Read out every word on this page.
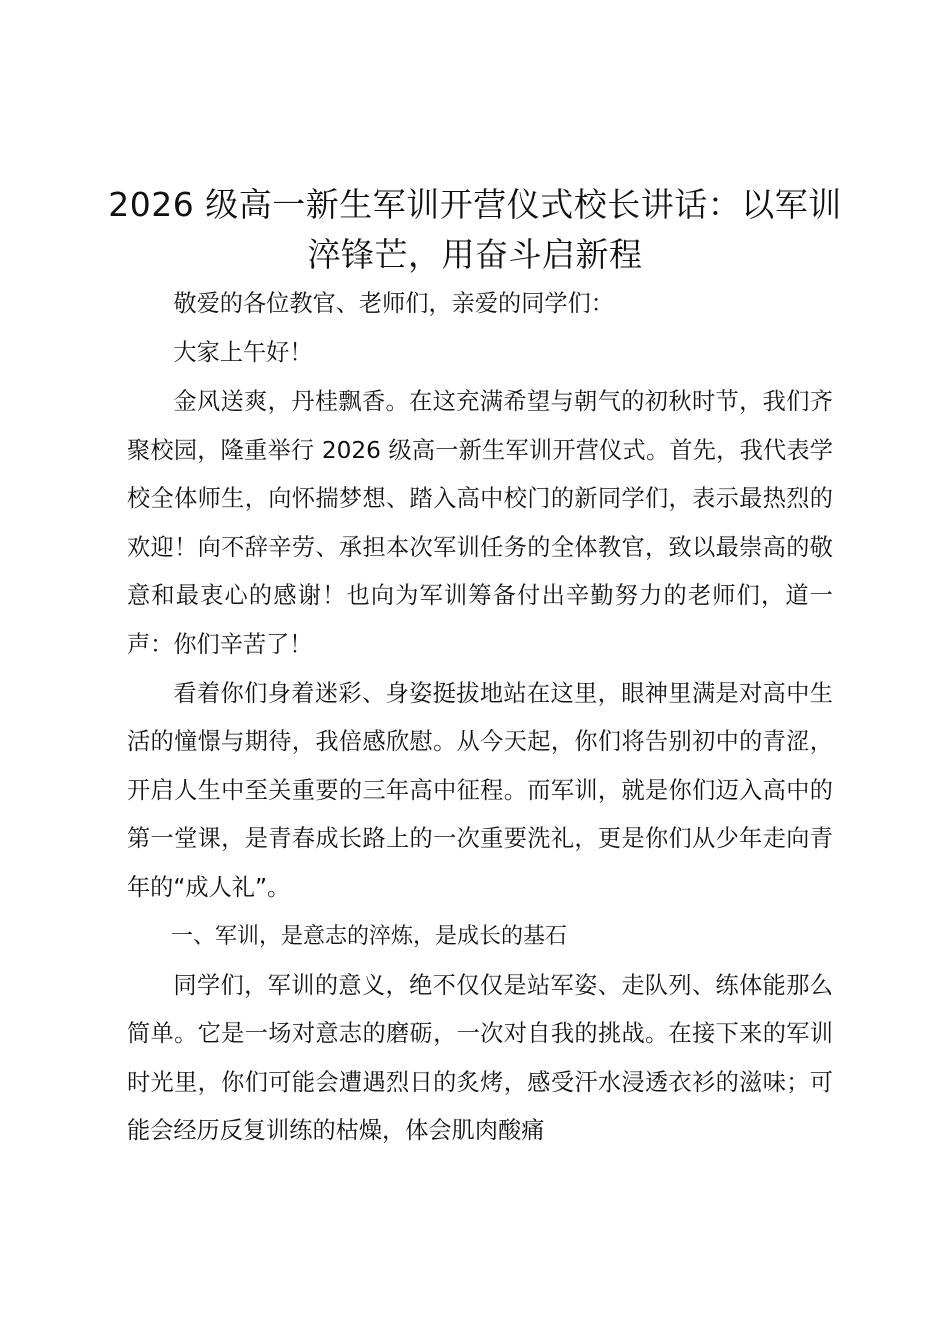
2026 级高一新生军训开营仪式校长讲话：以军训淬锋芒，用奋斗启新程

敬爱的各位教官、老师们，亲爱的同学们：

大家上午好！

金风送爽，丹桂飘香。在这充满希望与朝气的初秋时节，我们齐聚校园，隆重举行 2026 级高一新生军训开营仪式。首先，我代表学校全体师生，向怀揣梦想、踏入高中校门的新同学们，表示最热烈的欢迎！向不辞辛劳、承担本次军训任务的全体教官，致以最崇高的敬意和最衷心的感谢！也向为军训筹备付出辛勤努力的老师们，道一声：你们辛苦了！

看着你们身着迷彩、身姿挺拔地站在这里，眼神里满是对高中生活的憧憬与期待，我倍感欣慰。从今天起，你们将告别初中的青涩，开启人生中至关重要的三年高中征程。而军训，就是你们迈入高中的第一堂课，是青春成长路上的一次重要洗礼，更是你们从少年走向青年的“成人礼”。

一、军训，是意志的淬炼，是成长的基石

同学们，军训的意义，绝不仅仅是站军姿、走队列、练体能那么简单。它是一场对意志的磨砺，一次对自我的挑战。在接下来的军训时光里，你们可能会遭遇烈日的炙烤，感受汗水浸透衣衫的滋味；可能会经历反复训练的枯燥，体会肌肉酸痛
